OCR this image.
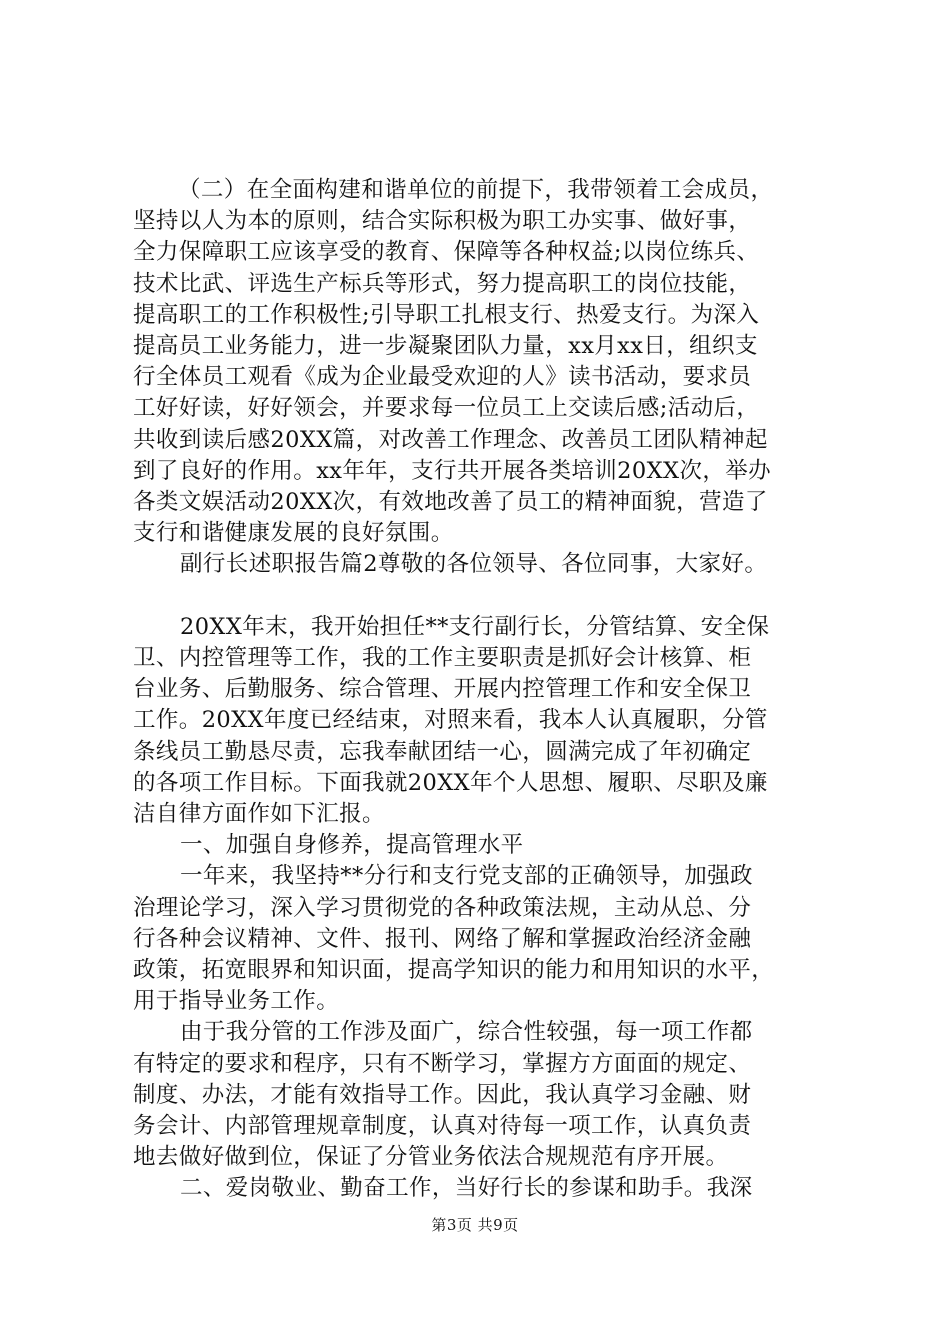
（二）在全面构建和谐单位的前提下，我带领着工会成员，
坚持以人为本的原则，结合实际积极为职工办实事、做好事，
全力保障职工应该享受的教育、保障等各种权益;以岗位练兵、
技术比武、评选生产标兵等形式，努力提高职工的岗位技能，
提高职工的工作积极性;引导职工扎根支行、热爱支行。为深入
提高员工业务能力，进一步凝聚团队力量，xx月xx日，组织支
行全体员工观看《成为企业最受欢迎的人》读书活动，要求员
工好好读，好好领会，并要求每一位员工上交读后感;活动后，
共收到读后感20XX篇，对改善工作理念、改善员工团队精神起
到了良好的作用。xx年年，支行共开展各类培训20XX次，举办
各类文娱活动20XX次，有效地改善了员工的精神面貌，营造了
支行和谐健康发展的良好氛围。
副行长述职报告篇2尊敬的各位领导、各位同事，大家好。
20XX年末，我开始担任**支行副行长，分管结算、安全保
卫、内控管理等工作，我的工作主要职责是抓好会计核算、柜
台业务、后勤服务、综合管理、开展内控管理工作和安全保卫
工作。20XX年度已经结束，对照来看，我本人认真履职，分管
条线员工勤恳尽责，忘我奉献团结一心，圆满完成了年初确定
的各项工作目标。下面我就20XX年个人思想、履职、尽职及廉
洁自律方面作如下汇报。
一、加强自身修养，提高管理水平
一年来，我坚持**分行和支行党支部的正确领导，加强政
治理论学习，深入学习贯彻党的各种政策法规，主动从总、分
行各种会议精神、文件、报刊、网络了解和掌握政治经济金融
政策，拓宽眼界和知识面，提高学知识的能力和用知识的水平，
用于指导业务工作。
由于我分管的工作涉及面广，综合性较强，每一项工作都
有特定的要求和程序，只有不断学习，掌握方方面面的规定、
制度、办法，才能有效指导工作。因此，我认真学习金融、财
务会计、内部管理规章制度，认真对待每一项工作，认真负责
地去做好做到位，保证了分管业务依法合规规范有序开展。
二、爱岗敬业、勤奋工作，当好行长的参谋和助手。我深
第3页 共9页
